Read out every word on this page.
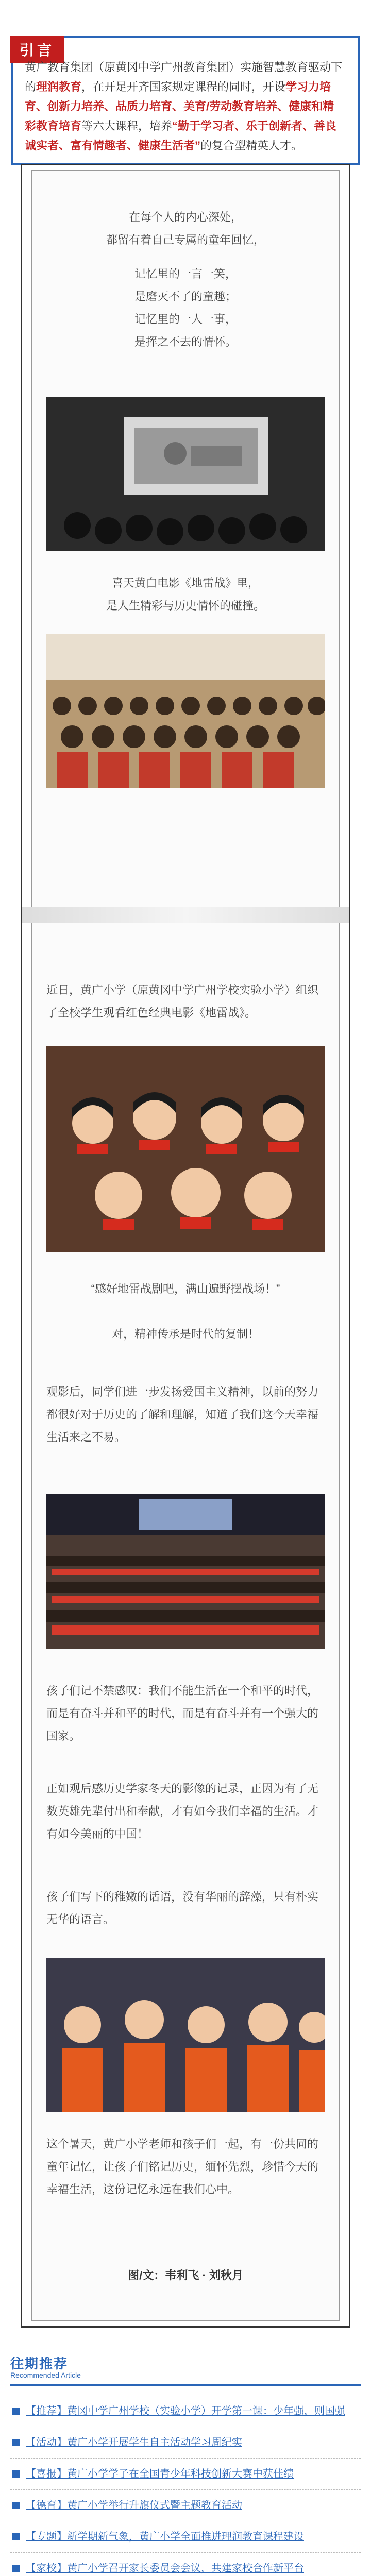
引言
黄广教育集团（原黄冈中学广州教育集团）实施智慧教育驱动下的理润教育，在开足开齐国家规定课程的同时，开设学习力培育、创新力培养、品质力培育、美育/劳动教育培养、健康和精彩教育培育等六大课程，培养“勤于学习者、乐于创新者、善良诚实者、富有情趣者、健康生活者”的复合型精英人才。
在每个人的内心深处，
都留有着自己专属的童年回忆，
记忆里的一言一笑，
是磨灭不了的童趣；
记忆里的一人一事，
是挥之不去的情怀。
喜天黄白电影《地雷战》里，
是人生精彩与历史情怀的碰撞。
近日，黄广小学（原黄冈中学广州学校实验小学）组织了全校学生观看红色经典电影《地雷战》。
“感好地雷战剧吧，满山遍野摆战场！”
对，精神传承是时代的复制！
观影后，同学们进一步发扬爱国主义精神，以前的努力都很好对于历史的了解和理解，知道了我们这今天幸福生活来之不易。
孩子们记不禁感叹：我们不能生活在一个和平的时代，而是有奋斗并和平的时代，而是有奋斗并有一个强大的国家。
正如观后感历史学家冬天的影像的记录，正因为有了无数英雄先辈付出和奉献，才有如今我们幸福的生活。才有如今美丽的中国！
孩子们写下的稚嫩的话语，没有华丽的辞藻，只有朴实无华的语言。
这个暑天，黄广小学老师和孩子们一起，有一份共同的童年记忆，让孩子们铭记历史，缅怀先烈，珍惜今天的幸福生活，这份记忆永远在我们心中。
图/文：韦利飞 · 刘秋月
往期推荐
Recommended Article
【推荐】黄冈中学广州学校（实验小学）开学第一课：少年强，则国强
【活动】黄广小学开展学生自主活动学习周纪实
【喜报】黄广小学学子在全国青少年科技创新大赛中获佳绩
【德育】黄广小学举行升旗仪式暨主题教育活动
【专题】新学期新气象，黄广小学全面推进理润教育课程建设
【家校】黄广小学召开家长委员会会议，共建家校合作新平台
